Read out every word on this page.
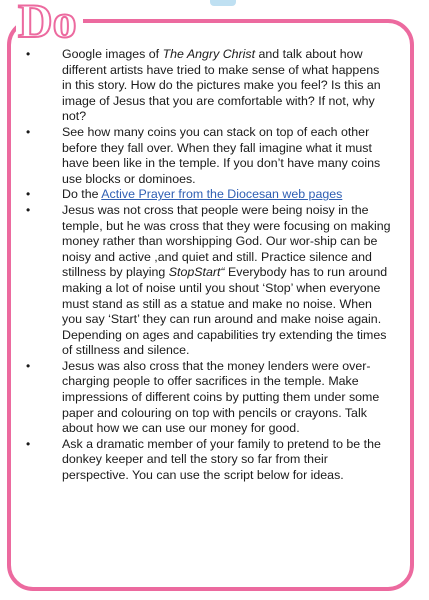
Do
•	Google images of The Angry Christ and talk about how different artists have tried to make sense of what happens in this story. How do the pictures make you feel? Is this an image of Jesus that you are comfortable with? If not, why not?
•	See how many coins you can stack on top of each other before they fall over. When they fall imagine what it must have been like in the temple. If you don’t have many coins use blocks or dominoes.
•	Do the Active Prayer from the Diocesan web pages
•	Jesus was not cross that people were being noisy in the temple, but he was cross that they were focusing on making money rather than worshipping God. Our wor-ship can be noisy and active ,and quiet and still. Practice silence and stillness by playing StopStart“ Everybody has to run around making a lot of noise until you shout ‘Stop’ when everyone must stand as still as a statue and make no noise. When you say ‘Start’ they can run around and make noise again. Depending on ages and capabilities try extending the times of stillness and silence.
•	Jesus was also cross that the money lenders were over-charging people to offer sacrifices in the temple. Make impressions of different coins by putting them under some paper and colouring on top with pencils or crayons. Talk about how we can use our money for good.
•	Ask a dramatic member of your family to pretend to be the donkey keeper and tell the story so far from their perspective. You can use the script below for ideas.
